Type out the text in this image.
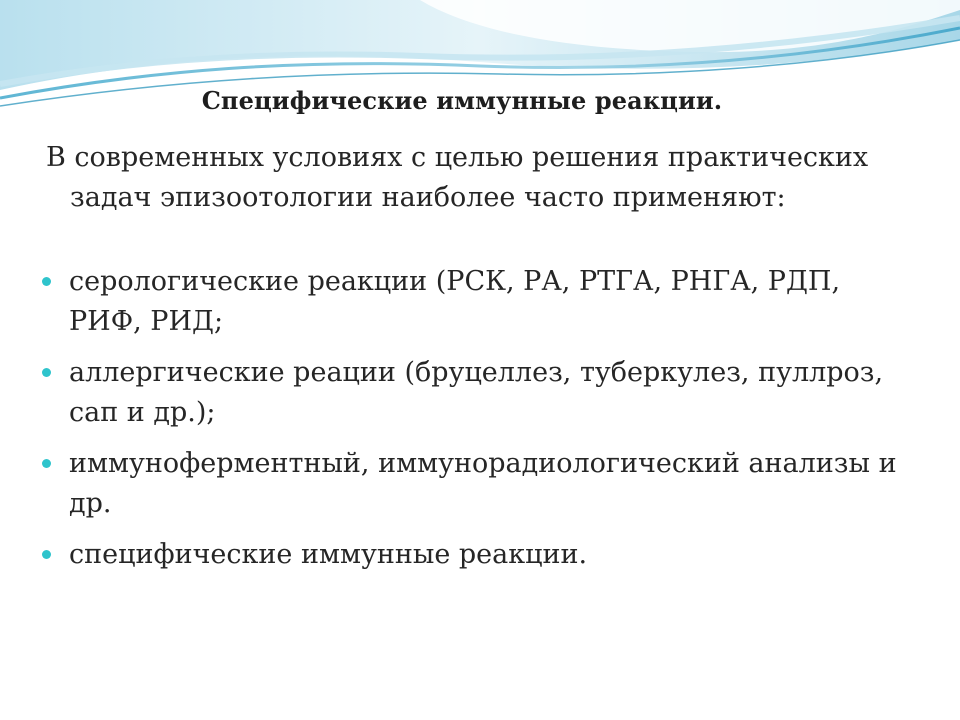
Специфические иммунные реакции.
В современных условиях с целью решения практических задач эпизоотологии наиболее часто применяют:
серологические реакции (РСК, РА, РТГА, РНГА, РДП, РИФ, РИД;
аллергические реации (бруцеллез, туберкулез, пуллроз, сап и др.);
иммуноферментный, иммунорадиологический анализы и др.
специфические иммунные реакции.
